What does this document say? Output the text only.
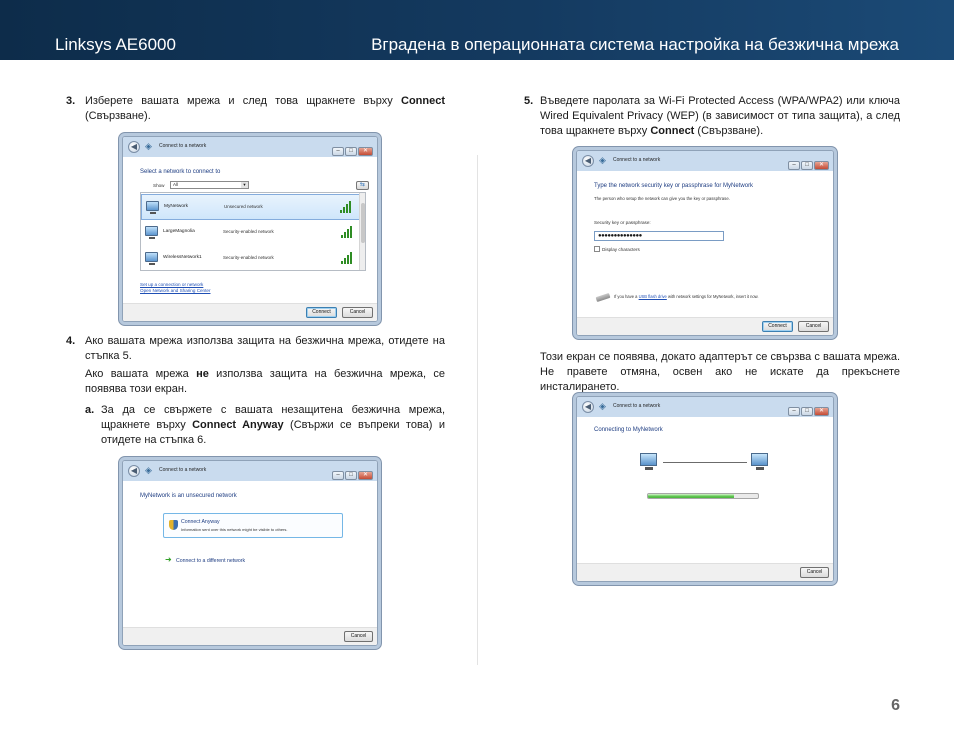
Linksys AE6000	Вградена в операционната система настройка на безжична мрежа
3. Изберете вашата мрежа и след това щракнете върху Connect (Свързване).
◀ ◈	Connect to a network
– □ ✕
Select a network to connect to
Show	All	▼	⇆
MyNetwork	Unsecured network
LargeMagnolia	Security-enabled network
WirelessNetwork1	Security-enabled network
Set up a connection or network
Open Network and Sharing Center
Connect	Cancel
4. Ако вашата мрежа използва защита на безжична мрежа, отидете на стъпка 5.
Ако вашата мрежа не използва защита на безжична мрежа, се появява този екран.
a. За да се свържете с вашата незащитена безжична мрежа, щракнете върху Connect Anyway (Свържи се въпреки това) и отидете на стъпка 6.
◀ ◈	Connect to a network
– □ ✕
MyNetwork is an unsecured network
Connect Anyway
Information sent over this network might be visible to others.
➜ Connect to a different network
Cancel
5. Въведете паролата за Wi-Fi Protected Access (WPA/WPA2) или ключа Wired Equivalent Privacy (WEP) (в зависимост от типа защита), а след това щракнете върху Connect (Свързване).
◀ ◈	Connect to a network
– □ ✕
Type the network security key or passphrase for MyNetwork
The person who setup the network can give you the key or passphrase.
Security key or passphrase:
●●●●●●●●●●●●●●
Display characters
If you have a USB flash drive with network settings for MyNetwork, insert it now.
Connect	Cancel
Този екран се появява, докато адаптерът се свързва с вашата мрежа. Не правете отмяна, освен ако не искате да прекъснете инсталирането.
◀ ◈	Connect to a network
– □ ✕
Connecting to MyNetwork
Cancel
6
